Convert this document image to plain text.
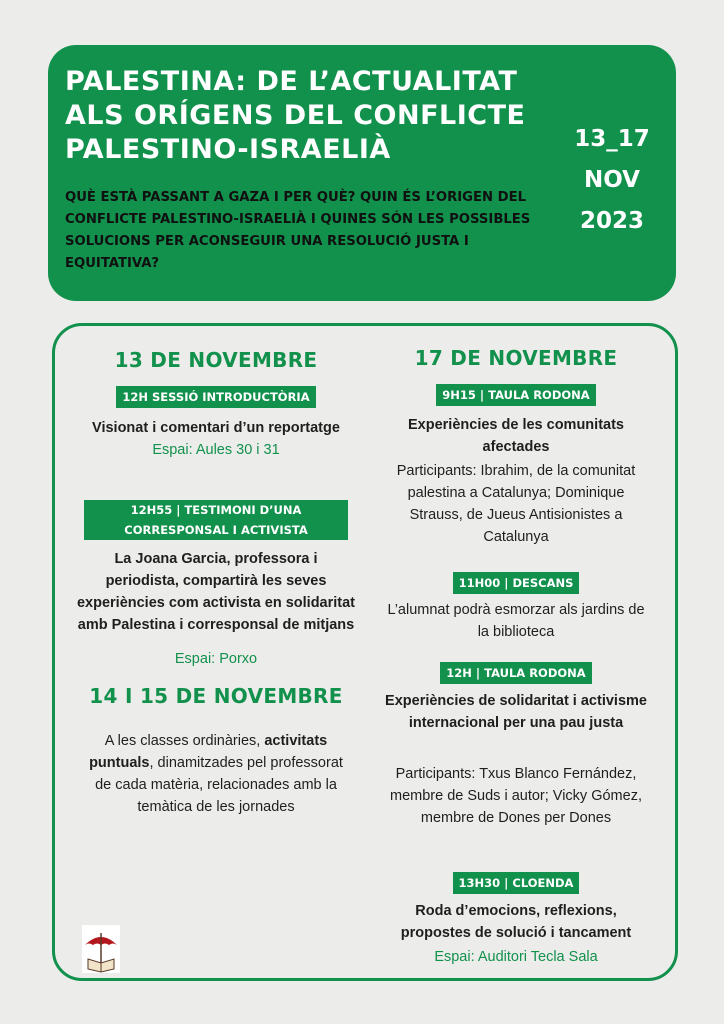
PALESTINA: DE L’ACTUALITAT ALS ORÍGENS DEL CONFLICTE PALESTINO-ISRAELIÀ
QUÈ ESTÀ PASSANT A GAZA I PER QUÈ? QUIN ÉS L’ORIGEN DEL CONFLICTE PALESTINO-ISRAELIÀ I QUINES SÓN LES POSSIBLES SOLUCIONS PER ACONSEGUIR UNA RESOLUCIÓ JUSTA I EQUITATIVA?
13_17
NOV
2023
13 DE NOVEMBRE
12H SESSIÓ INTRODUCTÒRIA
Visionat i comentari d’un reportatge
Espai: Aules 30 i 31
12H55 | TESTIMONI D’UNA CORRESPONSAL I ACTIVISTA
La Joana Garcia, professora i periodista, compartirà les seves experiències com activista en solidaritat amb Palestina i corresponsal de mitjans
Espai: Porxo
14 I 15 DE NOVEMBRE
A les classes ordinàries, activitats puntuals, dinamitzades pel professorat de cada matèria, relacionades amb la temàtica de les jornades
17 DE NOVEMBRE
9H15 | TAULA RODONA
Experiències de les comunitats afectades
Participants: Ibrahim, de la comunitat palestina a Catalunya; Dominique Strauss, de Jueus Antisionistes a Catalunya
11H00 | DESCANS
L’alumnat podrà esmorzar als jardins de la biblioteca
12H | TAULA RODONA
Experiències de solidaritat i activisme internacional per una pau justa
Participants: Txus Blanco Fernández, membre de Suds i autor; Vicky Gómez, membre de Dones per Dones
13H30 | CLOENDA
Roda d’emocions, reflexions, propostes de solució i tancament
Espai: Auditori Tecla Sala
